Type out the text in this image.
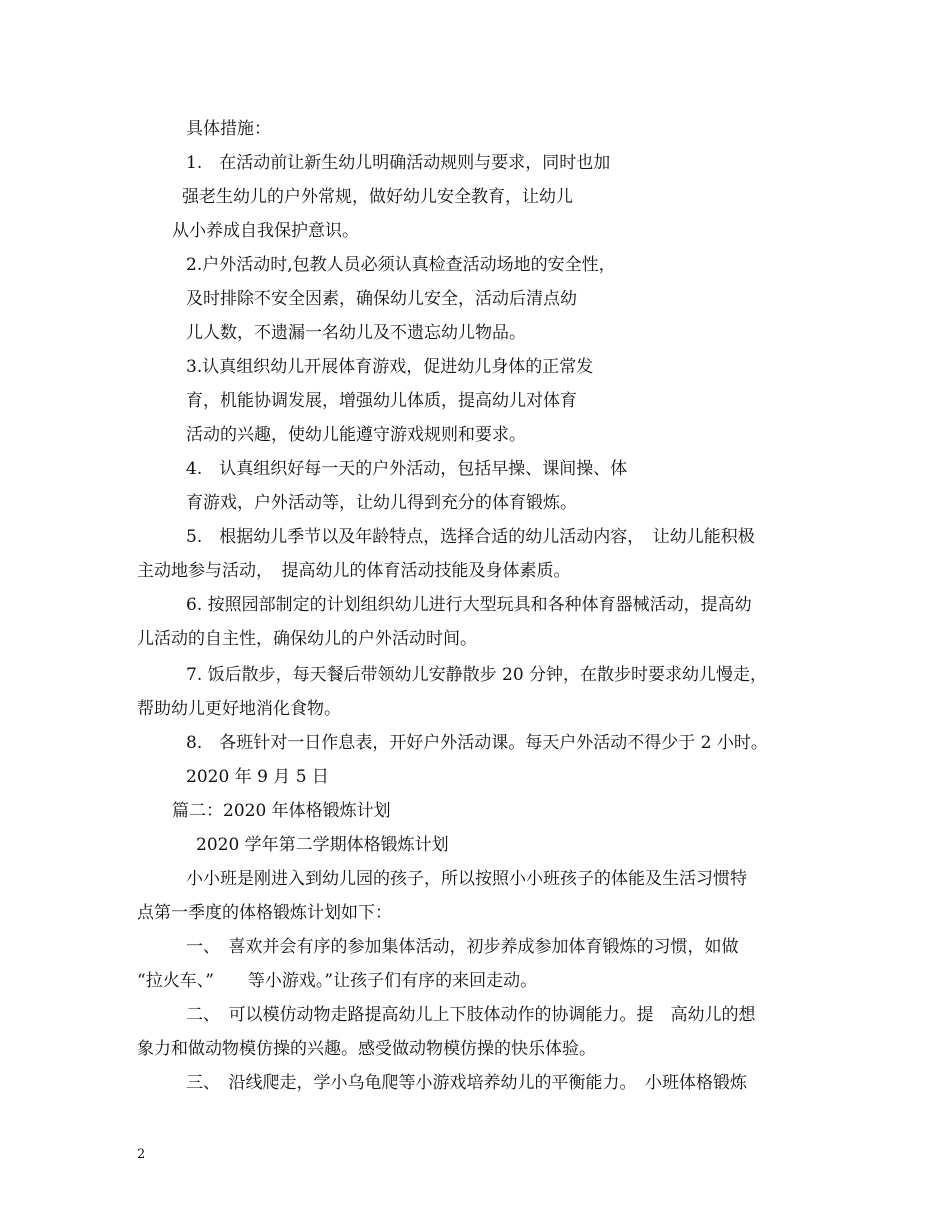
具体措施：
1.　在活动前让新生幼儿明确活动规则与要求，同时也加
强老生幼儿的户外常规，做好幼儿安全教育，让幼儿
从小养成自我保护意识。
2.户外活动时,包教人员必须认真检查活动场地的安全性，
及时排除不安全因素，确保幼儿安全，活动后清点幼
儿人数，不遗漏一名幼儿及不遗忘幼儿物品。
3.认真组织幼儿开展体育游戏，促进幼儿身体的正常发
育，机能协调发展，增强幼儿体质，提高幼儿对体育
活动的兴趣，使幼儿能遵守游戏规则和要求。
4.　认真组织好每一天的户外活动，包括早操、课间操、体
育游戏，户外活动等，让幼儿得到充分的体育锻炼。
5.　根据幼儿季节以及年龄特点，选择合适的幼儿活动内容，　让幼儿能积极
主动地参与活动，　提高幼儿的体育活动技能及身体素质。
6. 按照园部制定的计划组织幼儿进行大型玩具和各种体育器械活动，提高幼
儿活动的自主性，确保幼儿的户外活动时间。
7. 饭后散步，每天餐后带领幼儿安静散步 20 分钟，在散步时要求幼儿慢走，
帮助幼儿更好地消化食物。
8.　各班针对一日作息表，开好户外活动课。每天户外活动不得少于 2 小时。
2020 年 9 月 5 日
篇二：2020 年体格锻炼计划
2020 学年第二学期体格锻炼计划
小小班是刚进入到幼儿园的孩子，所以按照小小班孩子的体能及生活习惯特
点第一季度的体格锻炼计划如下：
一、　喜欢并会有序的参加集体活动，初步养成参加体育锻炼的习惯，如做
“拉火车、”　　等小游戏。”让孩子们有序的来回走动。
二、　可以模仿动物走路提高幼儿上下肢体动作的协调能力。提　高幼儿的想
象力和做动物模仿操的兴趣。感受做动物模仿操的快乐体验。
三、　沿线爬走，学小乌龟爬等小游戏培养幼儿的平衡能力。　小班体格锻炼
2
